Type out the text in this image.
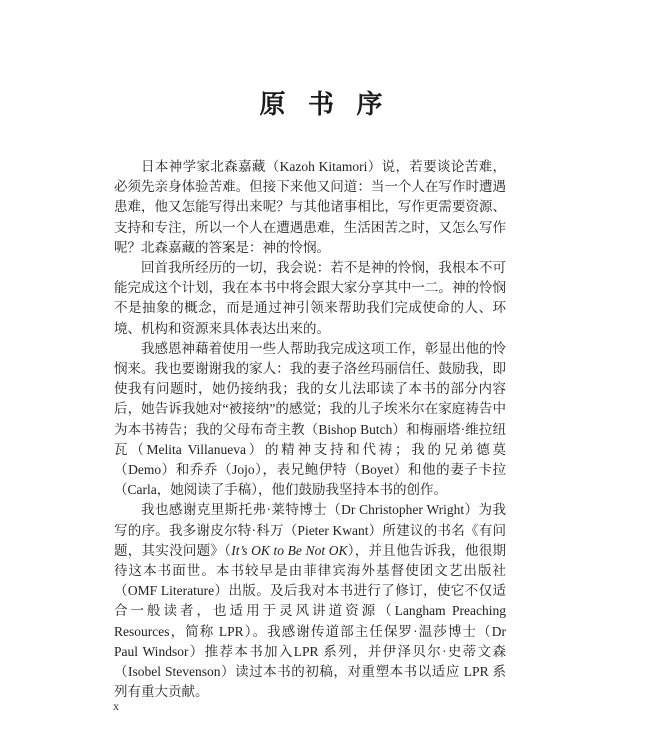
原 书 序

日本神学家北森嘉藏（Kazoh Kitamori）说，若要谈论苦难，必须先亲身体验苦难。但接下来他又问道：当一个人在写作时遭遇患难，他又怎能写得出来呢？与其他诸事相比，写作更需要资源、支持和专注，所以一个人在遭遇患难，生活困苦之时，又怎么写作呢？北森嘉藏的答案是：神的怜悯。

回首我所经历的一切，我会说：若不是神的怜悯，我根本不可能完成这个计划，我在本书中将会跟大家分享其中一二。神的怜悯不是抽象的概念，而是通过神引领来帮助我们完成使命的人、环境、机构和资源来具体表达出来的。

我感恩神藉着使用一些人帮助我完成这项工作，彰显出他的怜悯来。我也要谢谢我的家人：我的妻子洛丝玛丽信任、鼓励我，即使我有问题时，她仍接纳我；我的女儿法耶读了本书的部分内容后，她告诉我她对“被接纳”的感觉；我的儿子埃米尔在家庭祷告中为本书祷告；我的父母布奇主教（Bishop Butch）和梅丽塔·维拉纽瓦（Melita Villanueva）的精神支持和代祷；我的兄弟德莫（Demo）和乔乔（Jojo），表兄鲍伊特（Boyet）和他的妻子卡拉（Carla，她阅读了手稿），他们鼓励我坚持本书的创作。

我也感谢克里斯托弗·莱特博士（Dr Christopher Wright）为我写的序。我多谢皮尔特·科万（Pieter Kwant）所建议的书名《有问题，其实没问题》（It’s OK to Be Not OK），并且他告诉我，他很期待这本书面世。本书较早是由菲律宾海外基督使团文艺出版社（OMF Literature）出版。及后我对本书进行了修订，使它不仅适合一般读者，也适用于灵风讲道资源（Langham Preaching Resources，简称 LPR）。我感谢传道部主任保罗·温莎博士（Dr Paul Windsor）推荐本书加入LPR 系列，并伊泽贝尔·史蒂文森（Isobel Stevenson）读过本书的初稿，对重塑本书以适应 LPR 系列有重大贡献。

x
